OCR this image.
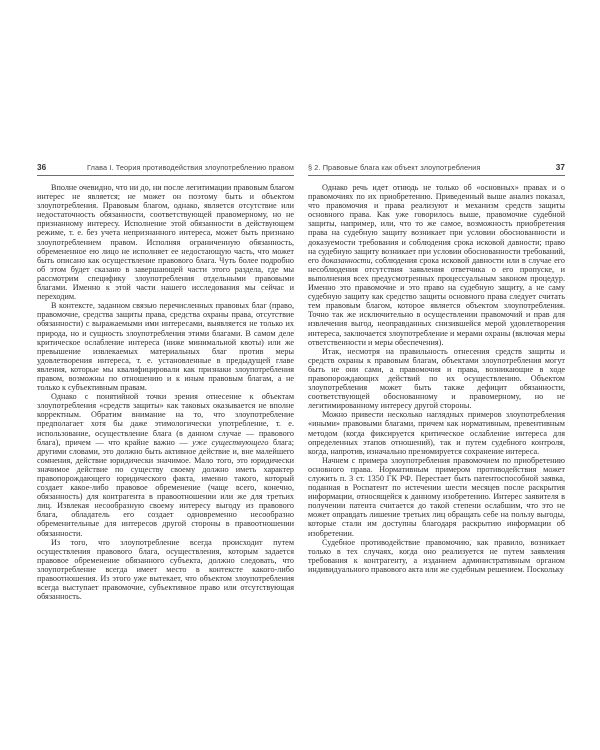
36	Глава I. Теория противодействия злоупотреблению правом

Вполне очевидно, что ни до, ни после легитимации правовым благом интерес не является; не может он поэтому быть и объектом злоупотребления. Правовым благом, однако, является отсутствие или недостаточность обязанности, соответствующей правомерному, но не признанному интересу. Исполнение этой обязанности в действующем режиме, т. е. без учета непризнанного интереса, может быть признано злоупотреблением правом. Исполняя ограниченную обязанность, обремененное ею лицо не исполняет ее недостающую часть, что может быть описано как осуществление правового блага. Чуть более подробно об этом будет сказано в завершающей части этого раздела, где мы рассмотрим специфику злоупотребления отдельными правовыми благами. Именно к этой части нашего исследования мы сейчас и переходим.

В контексте, заданном связью перечисленных правовых благ (право, правомочие, средства защиты права, средства охраны права, отсутствие обязанности) с выражаемыми ими интересами, выявляется не только их природа, но и сущность злоупотребления этими благами. В самом деле критическое ослабление интереса (ниже минимальной квоты) или же превышение извлекаемых материальных благ против меры удовлетворения интереса, т. е. установленные в предыдущей главе явления, которые мы квалифицировали как признаки злоупотребления правом, возможны по отношению и к иным правовым благам, а не только к субъективным правам.

Однако с понятийной точки зрения отнесение к объектам злоупотребления «средств защиты» как таковых оказывается не вполне корректным. Обратим внимание на то, что злоупотребление предполагает хотя бы даже этимологически употребление, т. е. использование, осуществление блага (в данном случае — правового блага), причем — что крайне важно — уже существующего блага; другими словами, это должно быть активное действие и, вне малейшего сомнения, действие юридически значимое. Мало того, это юридически значимое действие по существу своему должно иметь характер правопорождающего юридического факта, именно такого, который создает какое-либо правовое обременение (чаще всего, конечно, обязанность) для контрагента в правоотношении или же для третьих лиц. Извлекая несообразную своему интересу выгоду из правового блага, обладатель его создает одновременно несообразно обременительные для интересов другой стороны в правоотношении обязанности.

Из того, что злоупотребление всегда происходит путем осуществления правового блага, осуществления, которым задается правовое обременение обязанного субъекта, должно следовать, что злоупотребление всегда имеет место в контексте какого-либо правоотношения. Из этого уже вытекает, что объектом злоупотребления всегда выступает правомочие, субъективное право или отсутствующая обязанность.

§ 2. Правовые блага как объект злоупотребления	37

Однако речь идет отнюдь не только об «основных» правах и о правомочиях по их приобретению. Приведенный выше анализ показал, что правомочия и права реализуют и механизм средств защиты основного права. Как уже говорилось выше, правомочие судебной защиты, например, или, что то же самое, возможность приобретения права на судебную защиту возникает при условии обоснованности и доказуемости требования и соблюдения срока исковой давности; право на судебную защиту возникает при условии обоснованности требований, его доказанности, соблюдения срока исковой давности или в случае его несоблюдения отсутствия заявления ответчика о его пропуске, и выполнения всех предусмотренных процессуальным законом процедур. Именно это правомочие и это право на судебную защиту, а не саму судебную защиту как средство защиты основного права следует считать тем правовым благом, которое является объектом злоупотребления. Точно так же исключительно в осуществлении правомочий и прав для извлечения выгод, неоправданных снизившейся мерой удовлетворения интереса, заключается злоупотребление и мерами охраны (включая меры ответственности и меры обеспечения).

Итак, несмотря на правильность отнесения средств защиты и средств охраны к правовым благам, объектами злоупотребления могут быть не они сами, а правомочия и права, возникающие в ходе правопорождающих действий по их осуществлению. Объектом злоупотребления может быть также дефицит обязанности, соответствующей обоснованному и правомерному, но не легитимированному интересу другой стороны.

Можно привести несколько наглядных примеров злоупотребления «иными» правовыми благами, причем как нормативным, превентивным методом (когда фиксируется критическое ослабление интереса для определенных этапов отношений), так и путем судебного контроля, когда, напротив, изначально презюмируется сохранение интереса.

Начнем с примера злоупотребления правомочием по приобретению основного права. Нормативным примером противодействия может служить п. 3 ст. 1350 ГК РФ. Перестает быть патентоспособной заявка, поданная в Роспатент по истечении шести месяцев после раскрытия информации, относящейся к данному изобретению. Интерес заявителя в получении патента считается до такой степени ослабшим, что это не может оправдать лишение третьих лиц обращать себе на пользу выгоды, которые стали им доступны благодаря раскрытию информации об изобретении.

Судебное противодействие правомочию, как правило, возникает только в тех случаях, когда оно реализуется не путем заявления требования к контрагенту, а изданием административным органом индивидуального правового акта или же судебным решением. Поскольку
